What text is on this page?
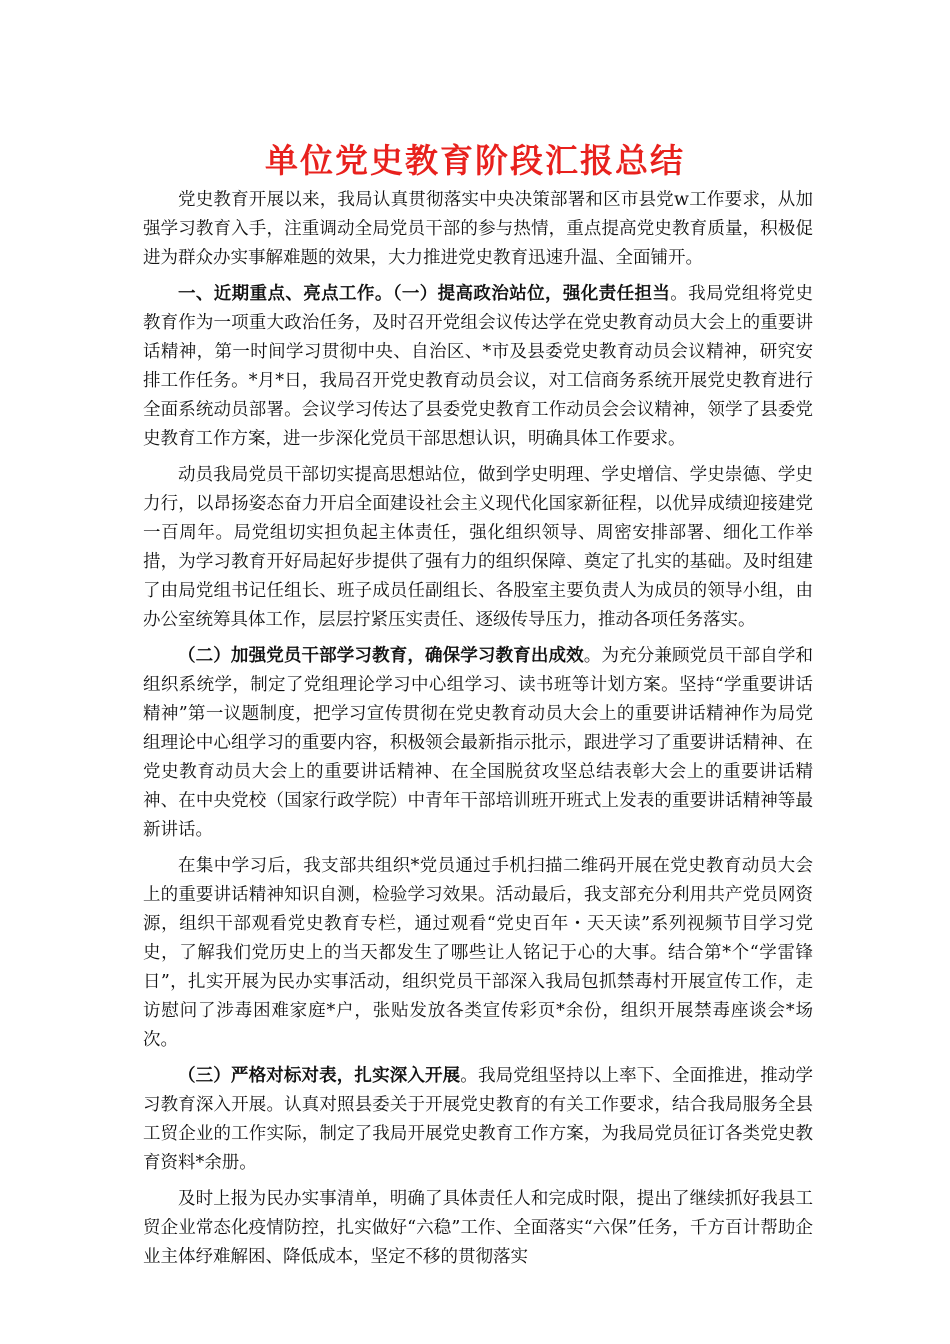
单位党史教育阶段汇报总结

党史教育开展以来，我局认真贯彻落实中央决策部署和区市县党w工作要求，从加强学习教育入手，注重调动全局党员干部的参与热情，重点提高党史教育质量，积极促进为群众办实事解难题的效果，大力推进党史教育迅速升温、全面铺开。

一、近期重点、亮点工作。（一）提高政治站位，强化责任担当。我局党组将党史教育作为一项重大政治任务，及时召开党组会议传达学在党史教育动员大会上的重要讲话精神，第一时间学习贯彻中央、自治区、*市及县委党史教育动员会议精神，研究安排工作任务。*月*日，我局召开党史教育动员会议，对工信商务系统开展党史教育进行全面系统动员部署。会议学习传达了县委党史教育工作动员会会议精神，领学了县委党史教育工作方案，进一步深化党员干部思想认识，明确具体工作要求。

动员我局党员干部切实提高思想站位，做到学史明理、学史增信、学史崇德、学史力行，以昂扬姿态奋力开启全面建设社会主义现代化国家新征程，以优异成绩迎接建党一百周年。局党组切实担负起主体责任，强化组织领导、周密安排部署、细化工作举措，为学习教育开好局起好步提供了强有力的组织保障、奠定了扎实的基础。及时组建了由局党组书记任组长、班子成员任副组长、各股室主要负责人为成员的领导小组，由办公室统筹具体工作，层层拧紧压实责任、逐级传导压力，推动各项任务落实。

（二）加强党员干部学习教育，确保学习教育出成效。为充分兼顾党员干部自学和组织系统学，制定了党组理论学习中心组学习、读书班等计划方案。坚持“学重要讲话精神”第一议题制度，把学习宣传贯彻在党史教育动员大会上的重要讲话精神作为局党组理论中心组学习的重要内容，积极领会最新指示批示，跟进学习了重要讲话精神、在党史教育动员大会上的重要讲话精神、在全国脱贫攻坚总结表彰大会上的重要讲话精神、在中央党校（国家行政学院）中青年干部培训班开班式上发表的重要讲话精神等最新讲话。

在集中学习后，我支部共组织*党员通过手机扫描二维码开展在党史教育动员大会上的重要讲话精神知识自测，检验学习效果。活动最后，我支部充分利用共产党员网资源，组织干部观看党史教育专栏，通过观看“党史百年・天天读”系列视频节目学习党史，了解我们党历史上的当天都发生了哪些让人铭记于心的大事。结合第*个“学雷锋日”，扎实开展为民办实事活动，组织党员干部深入我局包抓禁毒村开展宣传工作，走访慰问了涉毒困难家庭*户，张贴发放各类宣传彩页*余份，组织开展禁毒座谈会*场次。

（三）严格对标对表，扎实深入开展。我局党组坚持以上率下、全面推进，推动学习教育深入开展。认真对照县委关于开展党史教育的有关工作要求，结合我局服务全县工贸企业的工作实际，制定了我局开展党史教育工作方案，为我局党员征订各类党史教育资料*余册。

及时上报为民办实事清单，明确了具体责任人和完成时限，提出了继续抓好我县工贸企业常态化疫情防控，扎实做好“六稳”工作、全面落实“六保”任务，千方百计帮助企业主体纾难解困、降低成本，坚定不移的贯彻落实
